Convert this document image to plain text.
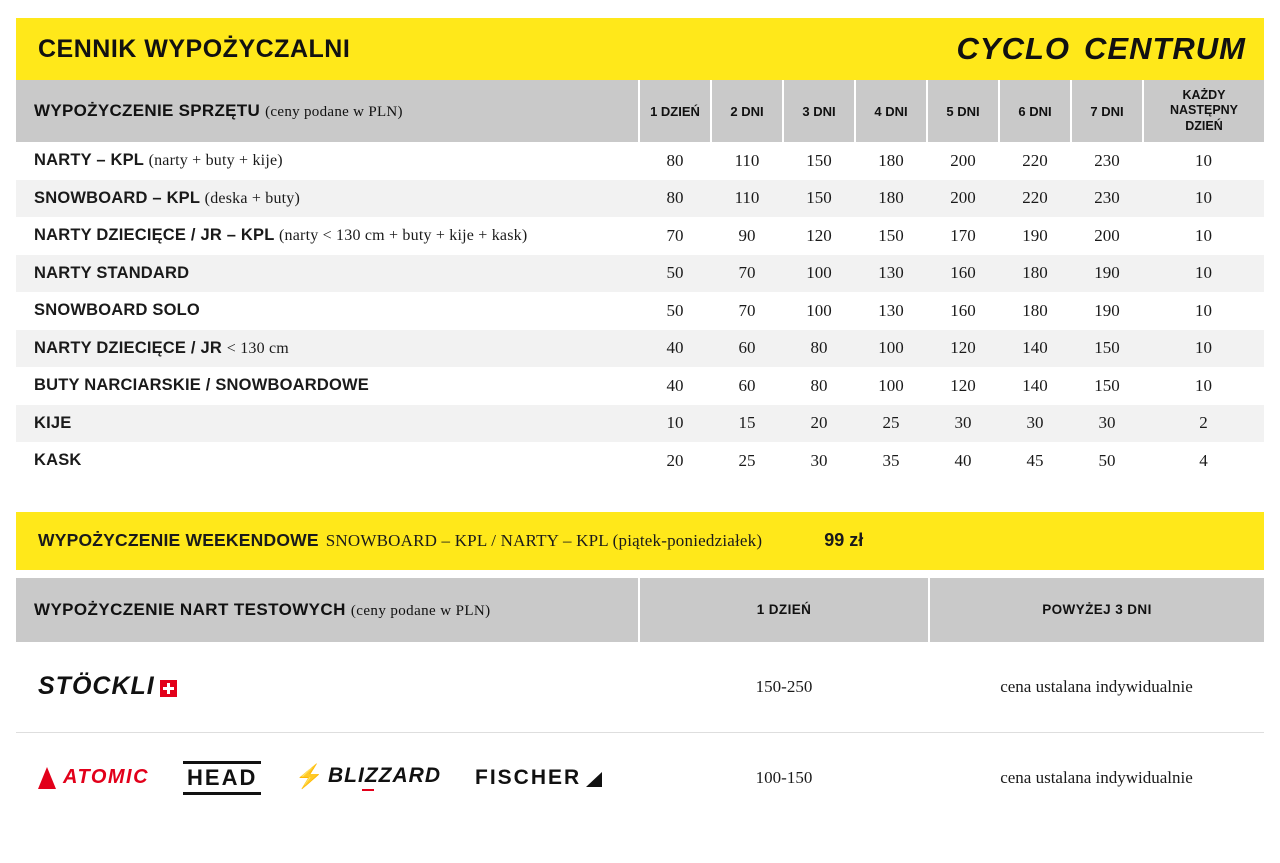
CENNIK WYPOŻYCZALNI	CYCLO CENTRUM
WYPOŻYCZENIE SPRZĘTU (ceny podane w PLN)	1 DZIEŃ	2 DNI	3 DNI	4 DNI	5 DNI	6 DNI	7 DNI	KAŻDY
NASTĘPNY
DZIEŃ

NARTY – KPL (narty + buty + kije)	80	110	150	180	200	220	230	10
SNOWBOARD – KPL (deska + buty)	80	110	150	180	200	220	230	10
NARTY DZIECIĘCE / JR – KPL (narty < 130 cm + buty + kije + kask)	70	90	120	150	170	190	200	10
NARTY STANDARD	50	70	100	130	160	180	190	10
SNOWBOARD SOLO	50	70	100	130	160	180	190	10
NARTY DZIECIĘCE / JR < 130 cm	40	60	80	100	120	140	150	10
BUTY NARCIARSKIE / SNOWBOARDOWE	40	60	80	100	120	140	150	10
KIJE	10	15	20	25	30	30	30	2
KASK	20	25	30	35	40	45	50	4
WYPOŻYCZENIE WEEKENDOWE SNOWBOARD – KPL / NARTY – KPL (piątek-poniedziałek)	99 zł
WYPOŻYCZENIE NART TESTOWYCH (ceny podane w PLN)	1 DZIEŃ	POWYŻEJ 3 DNI

STÖCKLI	150-250	cena ustalana indywidualnie

ATOMIC HEAD ⚡ BLIZZARD FISCHER	100-150	cena ustalana indywidualnie
